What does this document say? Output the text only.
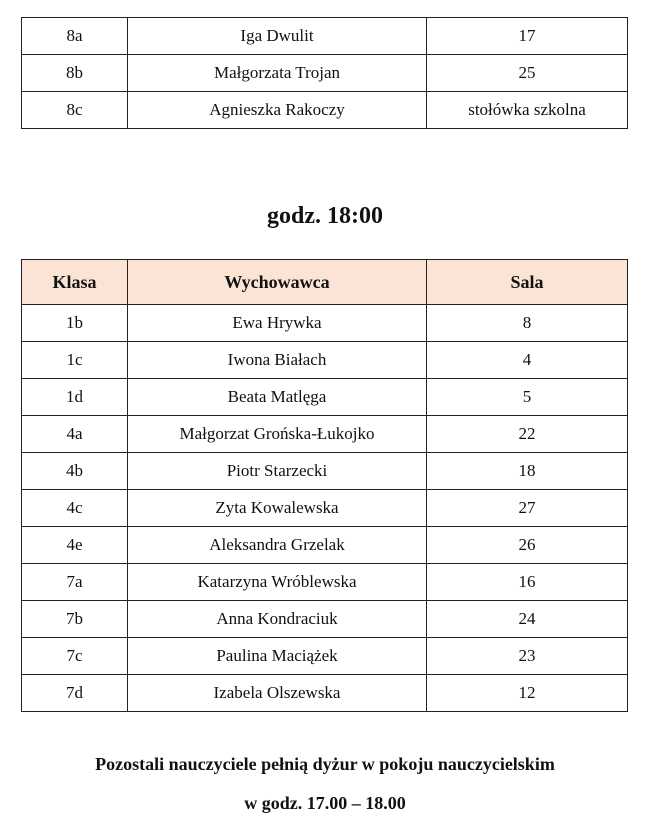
8a	Iga Dwulit	17
8b	Małgorzata Trojan	25
8c	Agnieszka Rakoczy	stołówka szkolna
godz. 18:00
Klasa	Wychowawca	Sala
1b	Ewa Hrywka	8
1c	Iwona Białach	4
1d	Beata Matlęga	5
4a	Małgorzat Grońska-Łukojko	22
4b	Piotr Starzecki	18
4c	Zyta Kowalewska	27
4e	Aleksandra Grzelak	26
7a	Katarzyna Wróblewska	16
7b	Anna Kondraciuk	24
7c	Paulina Maciążek	23
7d	Izabela Olszewska	12
Pozostali nauczyciele pełnią dyżur w pokoju nauczycielskim
w godz. 17.00 – 18.00
